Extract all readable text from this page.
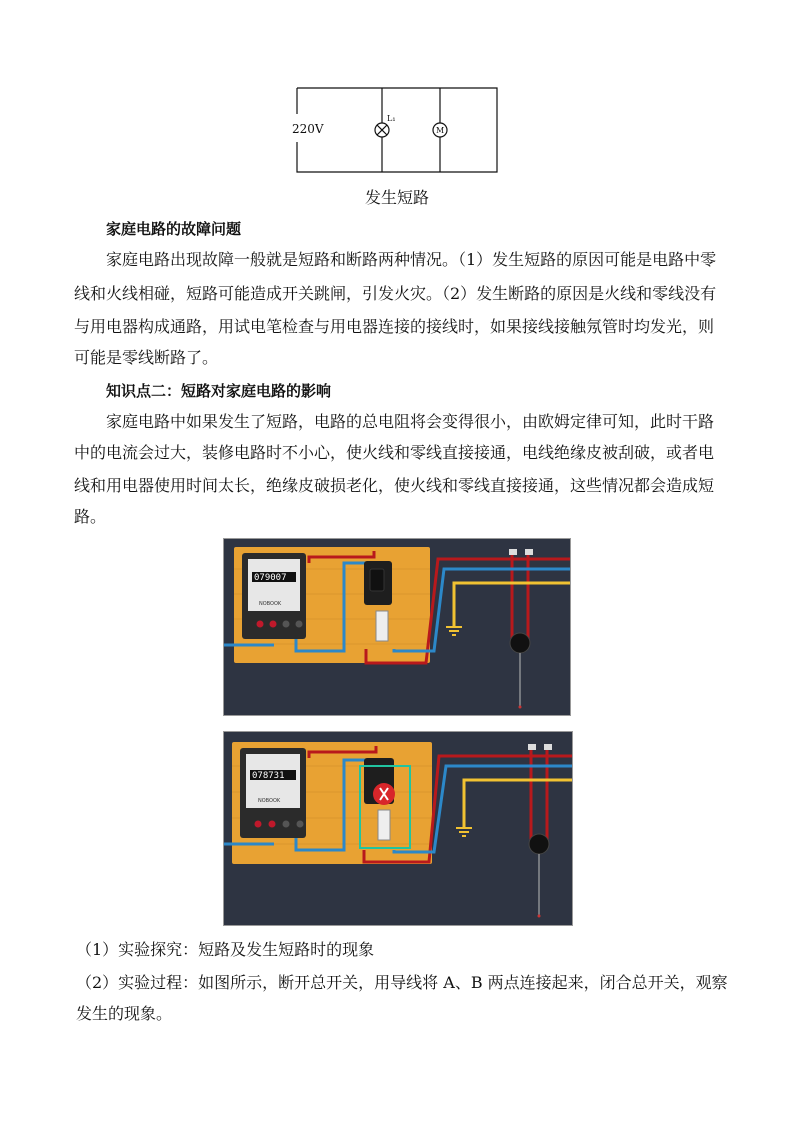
220V
L₁
M
发生短路
家庭电路的故障问题
家庭电路出现故障一般就是短路和断路两种情况。（1）发生短路的原因可能是电路中零
线和火线相碰，短路可能造成开关跳闸，引发火灾。（2）发生断路的原因是火线和零线没有
与用电器构成通路，用试电笔检查与用电器连接的接线时，如果接线接触氖管时均发光，则
可能是零线断路了。
知识点二：短路对家庭电路的影响
家庭电路中如果发生了短路，电路的总电阻将会变得很小，由欧姆定律可知，此时干路
中的电流会过大，装修电路时不小心，使火线和零线直接接通，电线绝缘皮被刮破，或者电
线和用电器使用时间太长，绝缘皮破损老化，使火线和零线直接接通，这些情况都会造成短
路。
079007
NOBOOK
078731
NOBOOK
（1）实验探究：短路及发生短路时的现象
（2）实验过程：如图所示，断开总开关，用导线将 A、B 两点连接起来，闭合总开关，观察
发生的现象。
